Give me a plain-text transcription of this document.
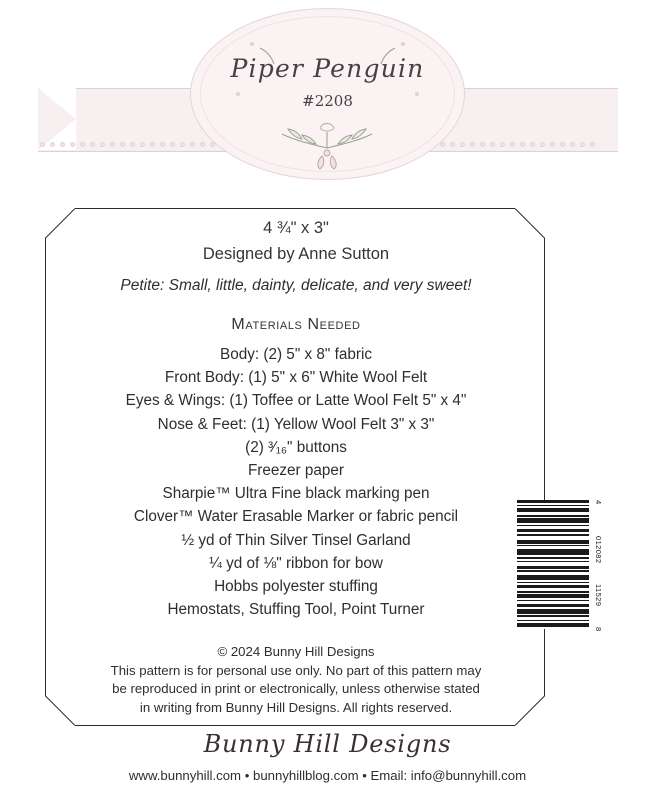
Piper Penguin
#2208
4 ¾" x 3"
Designed by Anne Sutton
Petite: Small, little, dainty, delicate, and very sweet!
Materials Needed
Body: (2) 5" x 8" fabric
Front Body: (1) 5" x 6" White Wool Felt
Eyes & Wings: (1) Toffee or Latte Wool Felt 5" x 4"
Nose & Feet: (1) Yellow Wool Felt 3" x 3"
(2) ³⁄₁₆" buttons
Freezer paper
Sharpie™ Ultra Fine black marking pen
Clover™ Water Erasable Marker or fabric pencil
½ yd of Thin Silver Tinsel Garland
¼ yd of ⅛" ribbon for bow
Hobbs polyester stuffing
Hemostats, Stuffing Tool, Point Turner
© 2024 Bunny Hill Designs
This pattern is for personal use only. No part of this pattern may
be reproduced in print or electronically, unless otherwise stated
in writing from Bunny Hill Designs. All rights reserved.
4
012082
11529
8
Bunny Hill Designs
www.bunnyhill.com • bunnyhillblog.com • Email: info@bunnyhill.com
